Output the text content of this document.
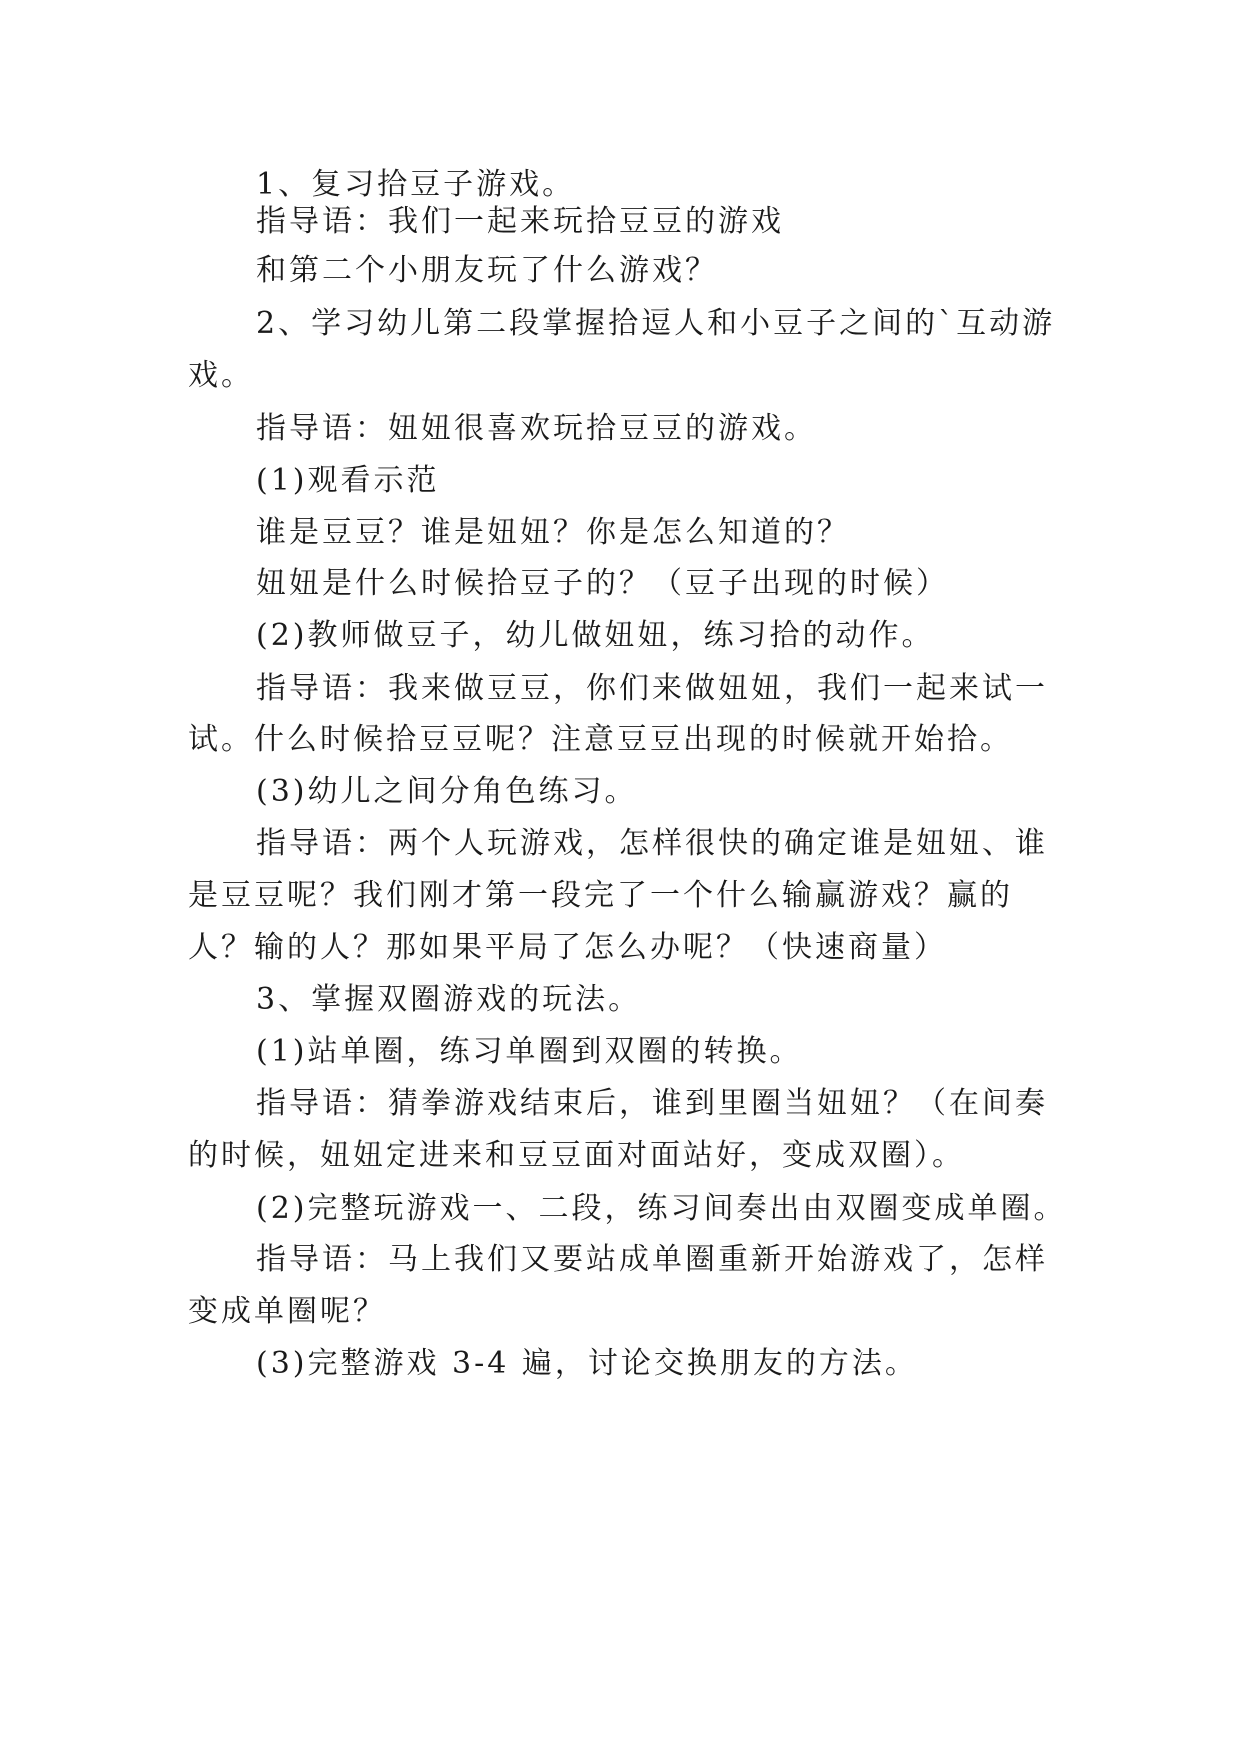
1、复习拾豆子游戏。
指导语：我们一起来玩拾豆豆的游戏
和第二个小朋友玩了什么游戏？
2、学习幼儿第二段掌握拾逗人和小豆子之间的`互动游
戏。
指导语：妞妞很喜欢玩拾豆豆的游戏。
(1)观看示范
谁是豆豆？谁是妞妞？你是怎么知道的？
妞妞是什么时候拾豆子的？（豆子出现的时候）
(2)教师做豆子，幼儿做妞妞，练习拾的动作。
指导语：我来做豆豆，你们来做妞妞，我们一起来试一
试。什么时候拾豆豆呢？注意豆豆出现的时候就开始拾。
(3)幼儿之间分角色练习。
指导语：两个人玩游戏，怎样很快的确定谁是妞妞、谁
是豆豆呢？我们刚才第一段完了一个什么输赢游戏？赢的
人？输的人？那如果平局了怎么办呢？（快速商量）
3、掌握双圈游戏的玩法。
(1)站单圈，练习单圈到双圈的转换。
指导语：猜拳游戏结束后，谁到里圈当妞妞？（在间奏
的时候，妞妞定进来和豆豆面对面站好，变成双圈）。
(2)完整玩游戏一、二段，练习间奏出由双圈变成单圈。
指导语：马上我们又要站成单圈重新开始游戏了，怎样
变成单圈呢？
(3)完整游戏 3-4 遍，讨论交换朋友的方法。
